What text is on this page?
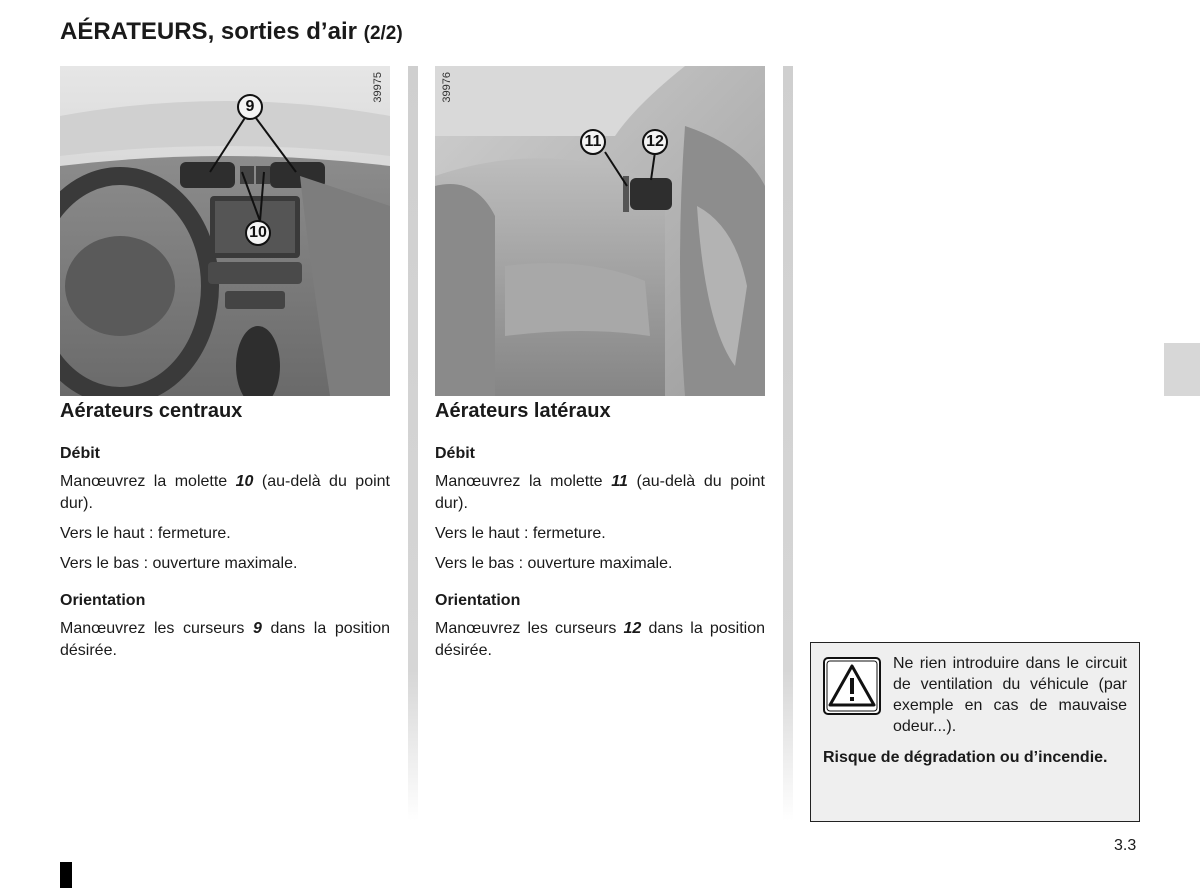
AÉRATEURS, sorties d’air (2/2)
39975
9
10
39976
11	12
Aérateurs centraux
Débit

Manœuvrez la molette 10 (au-delà du point dur).

Vers le haut : fermeture.

Vers le bas : ouverture maximale.

Orientation

Manœuvrez les curseurs 9 dans la position désirée.

Aérateurs latéraux
Débit

Manœuvrez la molette 11 (au-delà du point dur).

Vers le haut : fermeture.

Vers le bas : ouverture maximale.

Orientation

Manœuvrez les curseurs 12 dans la position désirée.

Ne rien introduire dans le circuit de ventilation du véhicule (par exemple en cas de mauvaise odeur...).
Risque de dégradation ou d’incendie.
3.3
